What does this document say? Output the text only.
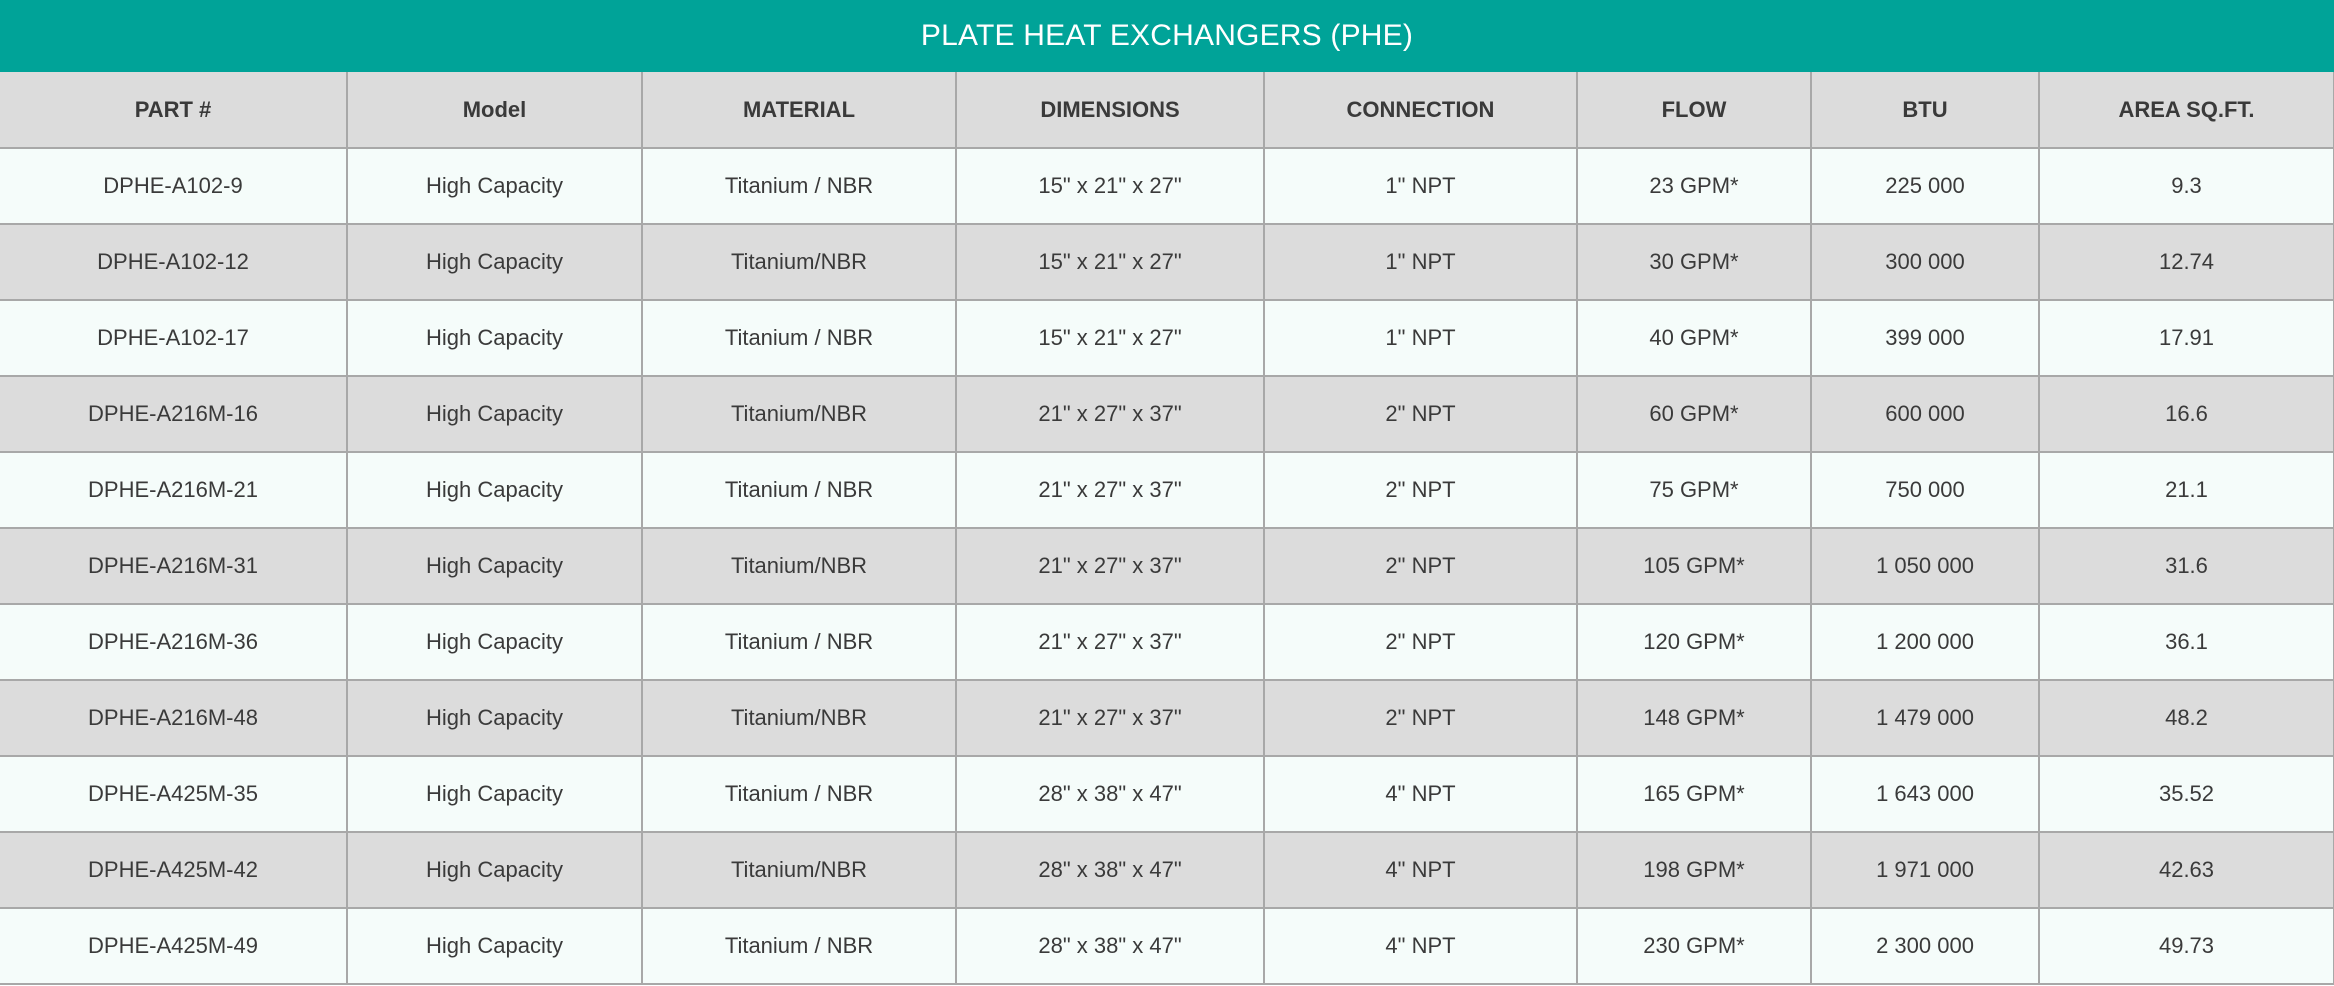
PLATE HEAT EXCHANGERS (PHE)
PART #	Model	MATERIAL	DIMENSIONS	CONNECTION	FLOW	BTU	AREA SQ.FT.
DPHE-A102-9	High Capacity	Titanium / NBR	15" x 21" x 27"	1" NPT	23 GPM*	225 000	9.3
DPHE-A102-12	High Capacity	Titanium/NBR	15" x 21" x 27"	1" NPT	30 GPM*	300 000	12.74
DPHE-A102-17	High Capacity	Titanium / NBR	15" x 21" x 27"	1" NPT	40 GPM*	399 000	17.91
DPHE-A216M-16	High Capacity	Titanium/NBR	21" x 27" x 37"	2" NPT	60 GPM*	600 000	16.6
DPHE-A216M-21	High Capacity	Titanium / NBR	21" x 27" x 37"	2" NPT	75 GPM*	750 000	21.1
DPHE-A216M-31	High Capacity	Titanium/NBR	21" x 27" x 37"	2" NPT	105 GPM*	1 050 000	31.6
DPHE-A216M-36	High Capacity	Titanium / NBR	21" x 27" x 37"	2" NPT	120 GPM*	1 200 000	36.1
DPHE-A216M-48	High Capacity	Titanium/NBR	21" x 27" x 37"	2" NPT	148 GPM*	1 479 000	48.2
DPHE-A425M-35	High Capacity	Titanium / NBR	28" x 38" x 47"	4" NPT	165 GPM*	1 643 000	35.52
DPHE-A425M-42	High Capacity	Titanium/NBR	28" x 38" x 47"	4" NPT	198 GPM*	1 971 000	42.63
DPHE-A425M-49	High Capacity	Titanium / NBR	28" x 38" x 47"	4" NPT	230 GPM*	2 300 000	49.73
